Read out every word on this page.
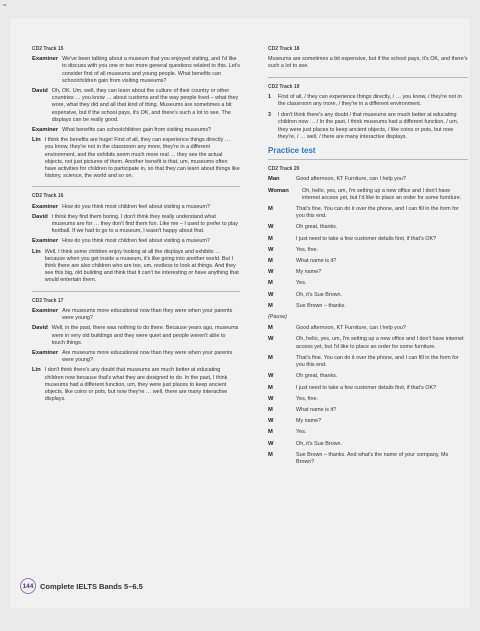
=
CD2 Track 15
Examiner We've been talking about a museum that you enjoyed visiting, and I'd like to discuss with you one or two more general questions related to this. Let's consider first of all museums and young people. What benefits can schoolchildren gain from visiting museums?
David Oh, OK. Um, well, they can learn about the culture of their country or other countries … you know … about customs and the way people lived – what they wore, what they did and all that kind of thing. Museums are sometimes a bit expensive, but if the school pays, it's OK, and there's such a lot to see. The displays can be really good.
Examiner What benefits can schoolchildren gain from visiting museums?
Lin I think the benefits are huge! First of all, they can experience things directly … you know, they're not in the classroom any more, they're in a different environment, and the exhibits seem much more real … they see the actual objects, not just pictures of them. Another benefit is that, um, museums often have activities for children to participate in, so that they can learn about things like history, science, the world and so on.
CD2 Track 16
Examiner How do you think most children feel about visiting a museum?
David I think they find them boring. I don't think they really understand what museums are for … they don't find them fun. Like me – I used to prefer to play football. If we had to go to a museum, I wasn't happy about that.
Examiner How do you think most children feel about visiting a museum?
Lin Well, I think some children enjoy looking at all the displays and exhibits … because when you get inside a museum, it's like going into another world. But I think there are also children who are too, um, restless to look at things. And they see this big, old building and think that it can't be interesting or have anything that would entertain them.
CD2 Track 17
Examiner Are museums more educational now than they were when your parents were young?
David Well, in the past, there was nothing to do there. Because years ago, museums were in very old buildings and they were quiet and people weren't able to touch things.
Examiner Are museums more educational now than they were when your parents were young?
Lin I don't think there's any doubt that museums are much better at educating children now because that's what they are designed to do. In the past, I think museums had a different function, um, they were just places to keep ancient objects, like coins or pots, but now they're … well, there are many interactive displays.
CD2 Track 18
Museums are sometimes a bit expensive, but if the school pays, it's OK, and there's such a lot to see.
CD2 Track 19
1	First of all, / they can experience things directly, / … you know, / they're not in the classroom any more, / they're in a different environment.
3	I don't think there's any doubt / that museums are much better at educating children now … / In the past, I think museums had a different function, / um, they were just places to keep ancient objects, / like coins or pots, but now they're, / … well, / there are many interactive displays.
Practice test
CD2 Track 20
Man	Good afternoon, KT Furniture, can I help you?
Woman	Oh, hello, yes, um, I'm setting up a new office and I don't have internet access yet, but I'd like to place an order for some furniture.
M	That's fine. You can do it over the phone, and I can fill in the form for you this end.
W	Oh great, thanks.
M	I just need to take a few customer details first, if that's OK?
W	Yes, fine.
M	What name is it?
W	My name?
M	Yes.
W	Oh, it's Sue Brown.
M	Sue Brown – thanks.
(Pause)
M	Good afternoon, KT Furniture, can I help you?
W	Oh, hello, yes, um, I'm setting up a new office and I don't have internet access yet, but I'd like to place an order for some furniture.
M	That's fine. You can do it over the phone, and I can fill in the form for you this end.
W	Oh great, thanks.
M	I just need to take a few customer details first, if that's OK?
W	Yes, fine.
M	What name is it?
W	My name?
M	Yes.
W	Oh, it's Sue Brown.
M	Sue Brown – thanks. And what's the name of your company, Ms Brown?
144 Complete IELTS Bands 5–6.5
